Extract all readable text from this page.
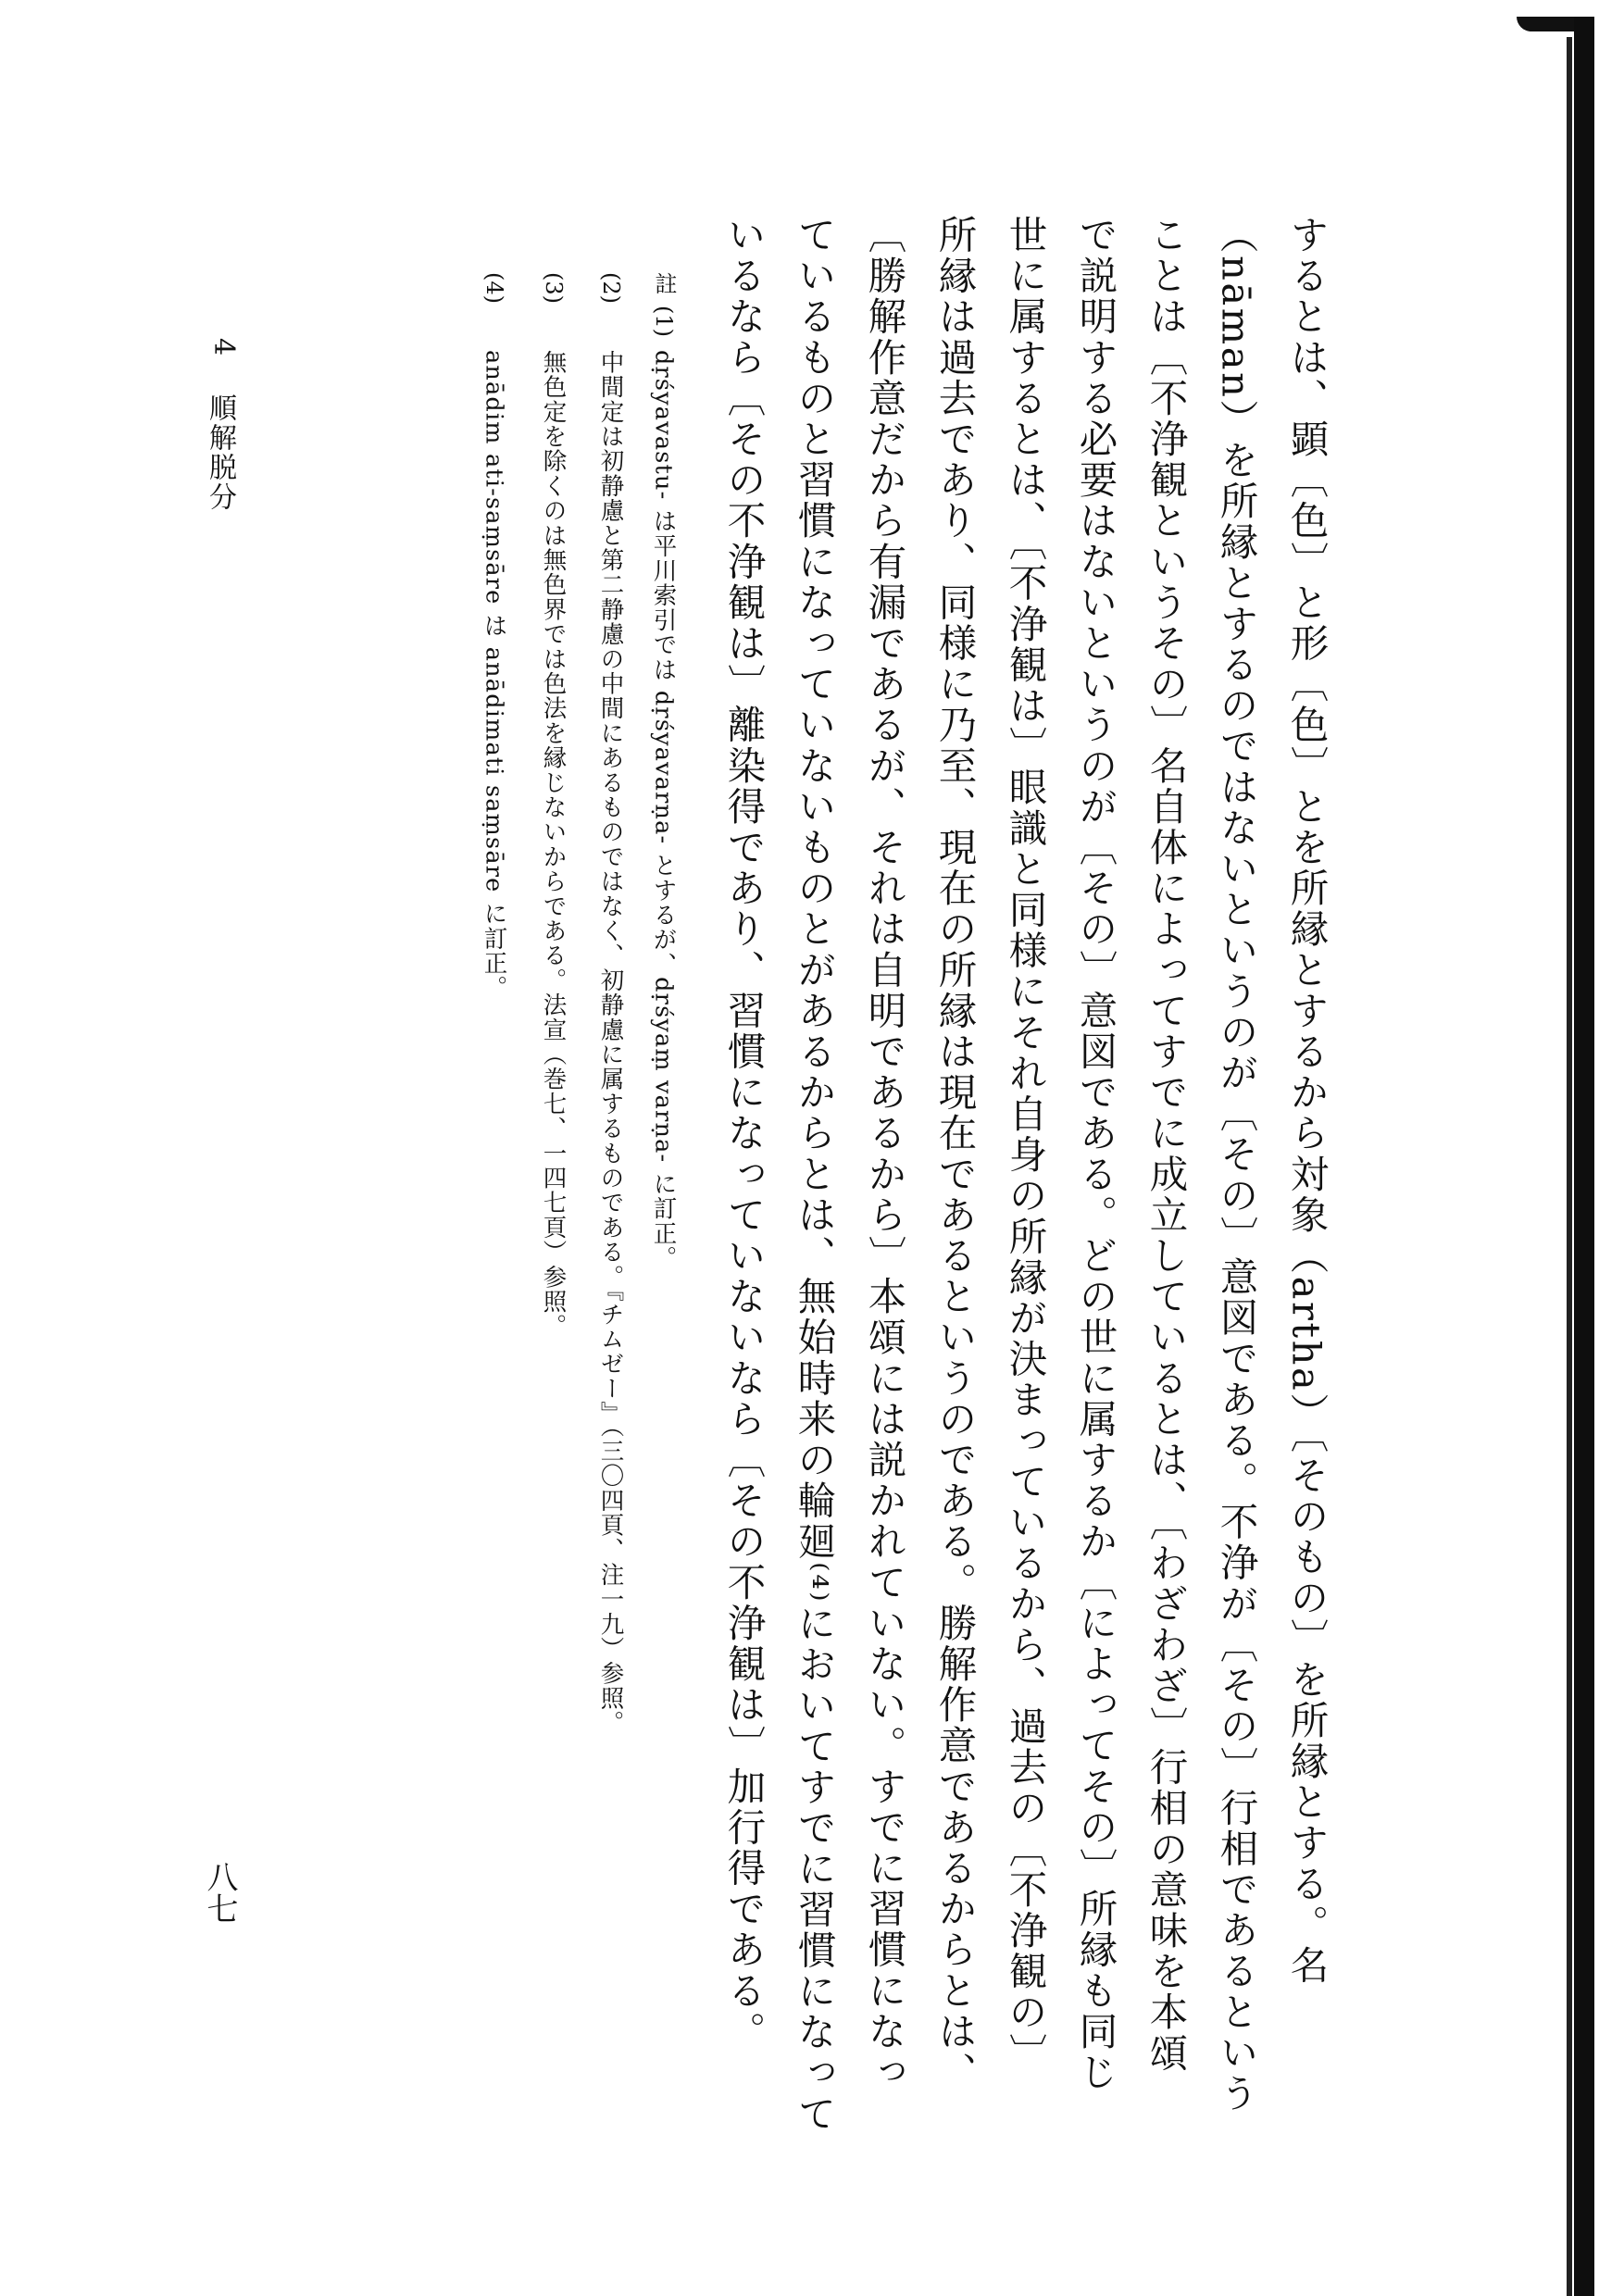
するとは、顕〔色〕と形〔色〕とを所縁とするから対象（artha）〔そのもの〕を所縁とする。名
（nāman）を所縁とするのではないというのが〔その〕意図である。不浄が〔その〕行相であるという
ことは〔不浄観というその〕名自体によってすでに成立しているとは、〔わざわざ〕行相の意味を本頌
で説明する必要はないというのが〔その〕意図である。どの世に属するか〔によってその〕所縁も同じ
世に属するとは、〔不浄観は〕眼識と同様にそれ自身の所縁が決まっているから、過去の〔不浄観の〕
所縁は過去であり、同様に乃至、現在の所縁は現在であるというのである。勝解作意であるからとは、
〔勝解作意だから有漏であるが、それは自明であるから〕本頌には説かれていない。すでに習慣になっ
ているものと習慣になっていないものとがあるからとは、無始時来の輪廻⁽⁴⁾においてすでに習慣になって
いるなら〔その不浄観は〕離染得であり、習慣になっていないなら〔その不浄観は〕加行得である。
註
(1)
dṛśyavastu- は平川索引では dṛśyavarṇa- とするが、dṛśyaṃ varṇa- に訂正。
(2)
中間定は初静慮と第二静慮の中間にあるものではなく、初静慮に属するものである。『チムゼー』（三〇四頁、注一九）参照。
(3)
無色定を除くのは無色界では色法を縁じないからである。法宣（巻七、一四七頁）参照。
(4)
anādim ati-saṃsāre は anādimati saṃsāre に訂正。
4
順解脱分
八七
